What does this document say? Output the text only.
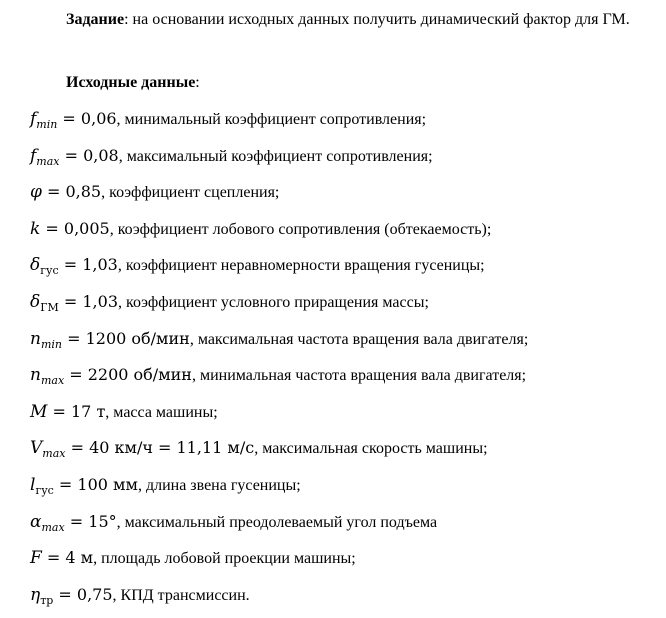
Задание: на основании исходных данных получить динамический фактор для ГМ.
Исходные данные:
$f_{min} = 0,06$, минимальный коэффициент сопротивления;
$f_{max} = 0,08$, максимальный коэффициент сопротивления;
φ = 0,85, коэффициент сцепления;
k = 0,005, коэффициент лобового сопротивления (обтекаемость);
$\delta_{гус} = 1,03$, коэффициент неравномерности вращения гусеницы;
$\delta_{ГМ} = 1,03$, коэффициент условного приращения массы;
$n_{min} = 1200$ об/мин, максимальная частота вращения вала двигателя;
$n_{max} = 2200$ об/мин, минимальная частота вращения вала двигателя;
M = 17 т, масса машины;
$V_{max} = 40$ км/ч = 11,11 м/с, максимальная скорость машины;
$l_{гус} = 100$ мм, длина звена гусеницы;
$\alpha_{max} = 15^\circ$, максимальный преодолеваемый угол подъема
F = 4 м, площадь лобовой проекции машины;
$\eta_{тр} = 0,75$, КПД трансмиссин.
